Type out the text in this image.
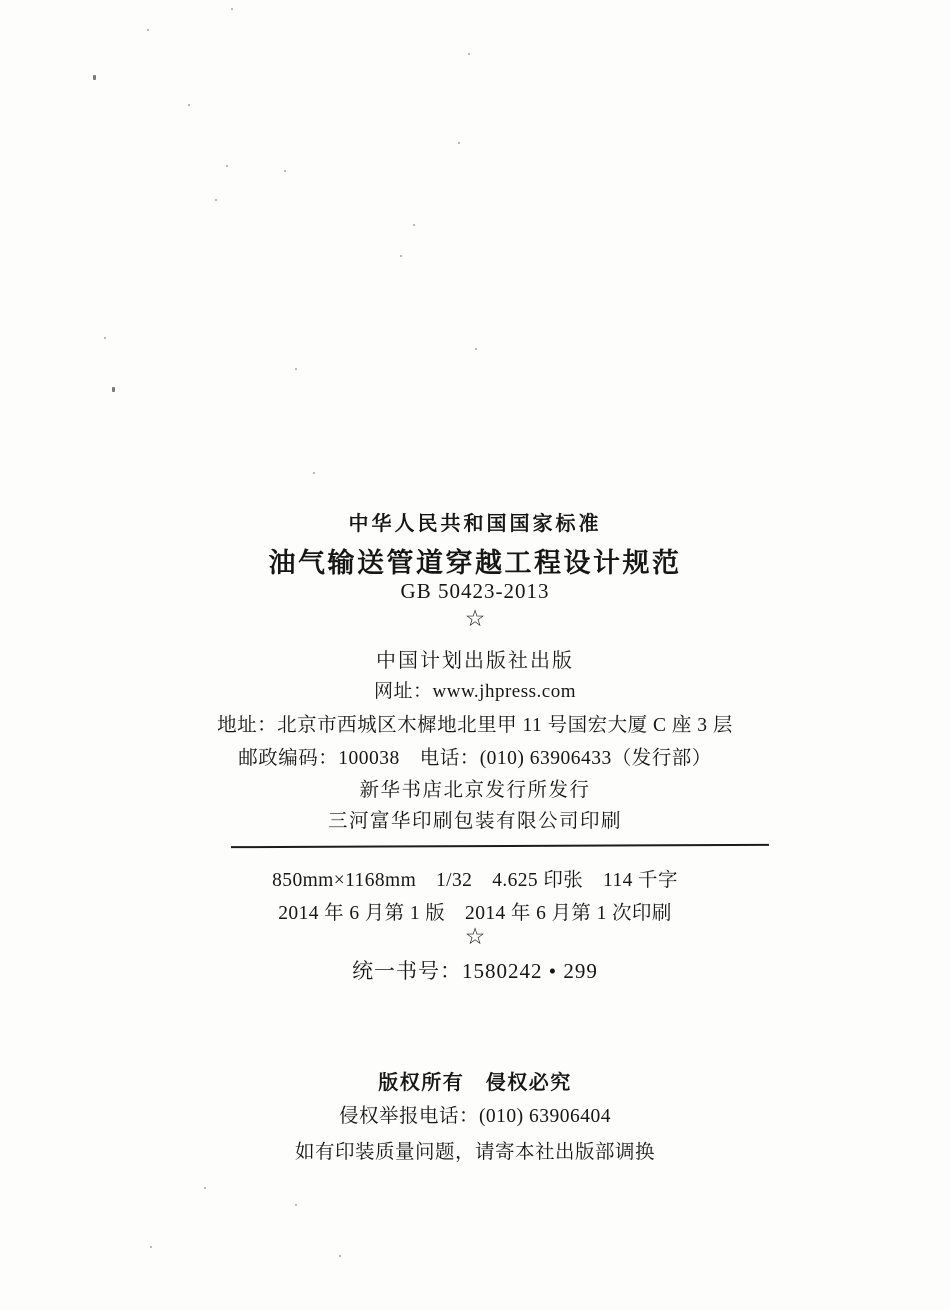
中华人民共和国国家标准
油气输送管道穿越工程设计规范
GB 50423-2013
☆
中国计划出版社出版
网址：www.jhpress.com
地址：北京市西城区木樨地北里甲 11 号国宏大厦 C 座 3 层
邮政编码：100038　电话：(010) 63906433（发行部）
新华书店北京发行所发行
三河富华印刷包装有限公司印刷
850mm×1168mm　1/32　4.625 印张　114 千字
2014 年 6 月第 1 版　2014 年 6 月第 1 次印刷
☆
统一书号：1580242 • 299
版权所有　侵权必究
侵权举报电话：(010) 63906404
如有印装质量问题，请寄本社出版部调换
